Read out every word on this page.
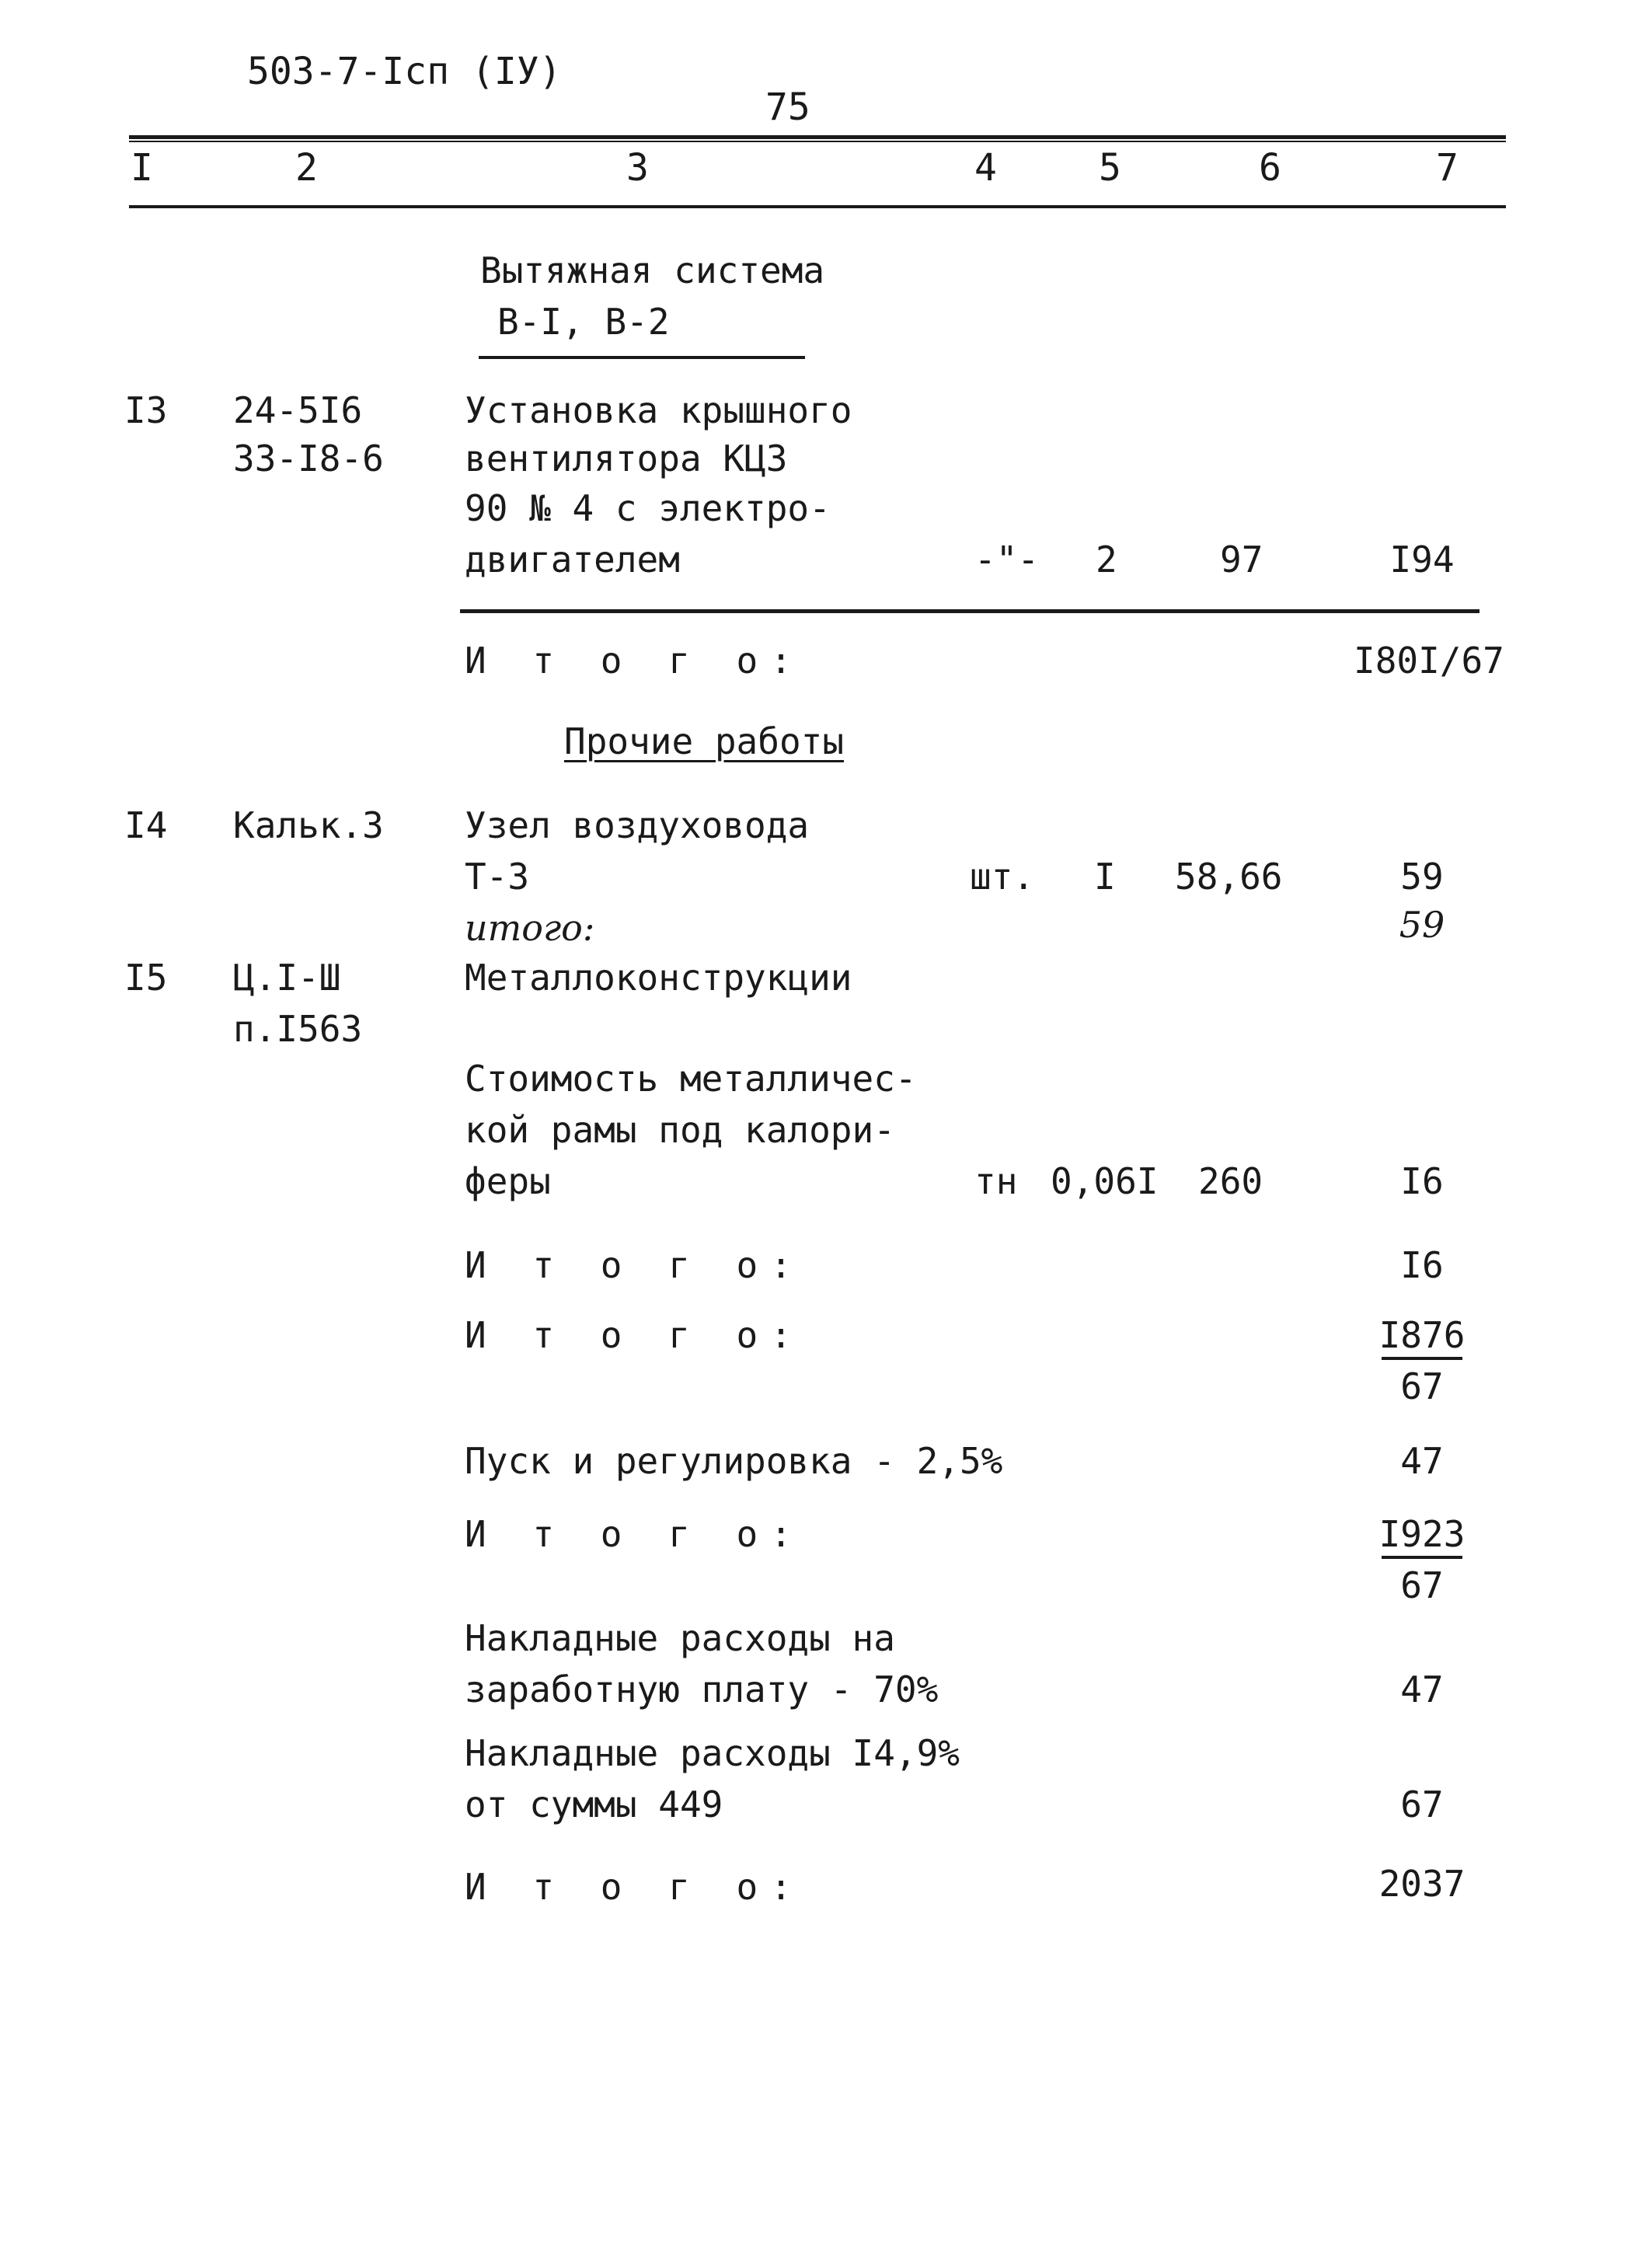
503-7-Iсп (IУ)
75
I	2	3	4	5	6	7
Вытяжная система
В-I, В-2
I3 24-5I6
33-I8-6
Установка крышного
вентилятора КЦЗ
90 № 4 с электро-
двигателем	-"- 2	97	I94
И т о г о:	I80I/67
Прочие работы
I4 Кальк.3 Узел воздуховода
Т-3	шт. I 58,66	59
итого:	59
I5 Ц.I-Ш
п.I563
Металлоконструкции
Стоимость металличес-
кой рамы под калори-
феры	тн 0,06I 260	I6
И т о г о:	I6
И т о г о:	I876
67
Пуск и регулировка - 2,5%	47
И т о г о:	I923
67
Накладные расходы на
заработную плату - 70%	47
Накладные расходы I4,9%
от суммы 449	67
И т о г о:	2037
